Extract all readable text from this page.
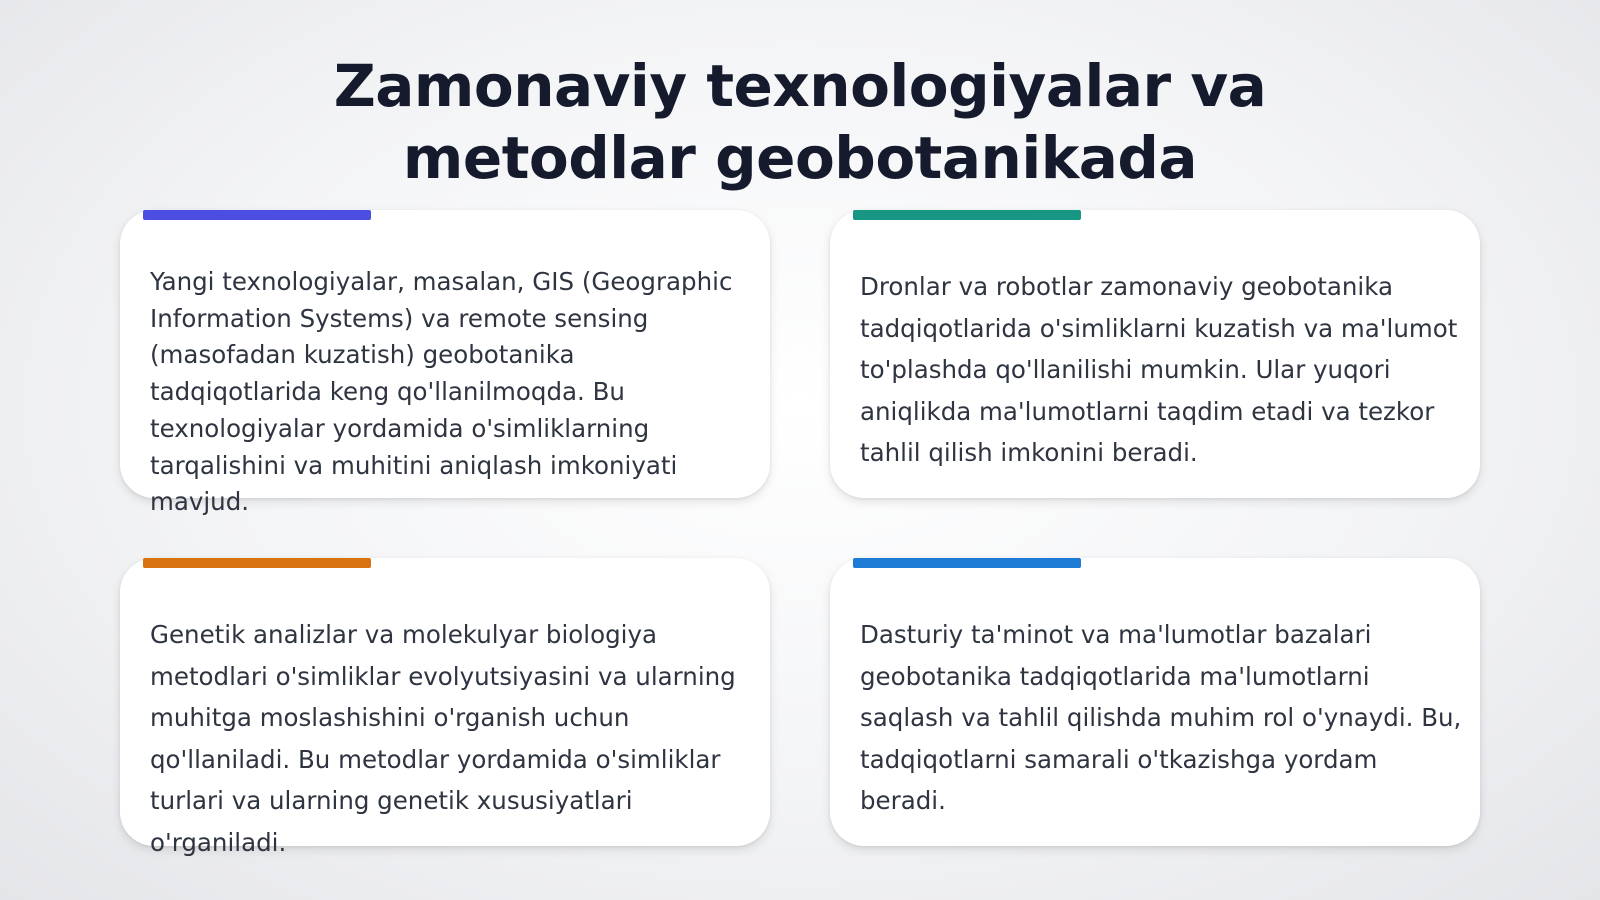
Zamonaviy texnologiyalar va metodlar geobotanikada

Yangi texnologiyalar, masalan, GIS (Geographic Information Systems) va remote sensing (masofadan kuzatish) geobotanika tadqiqotlarida keng qo'llanilmoqda. Bu texnologiyalar yordamida o'simliklarning tarqalishini va muhitini aniqlash imkoniyati mavjud.

Dronlar va robotlar zamonaviy geobotanika tadqiqotlarida o'simliklarni kuzatish va ma'lumot to'plashda qo'llanilishi mumkin. Ular yuqori aniqlikda ma'lumotlarni taqdim etadi va tezkor tahlil qilish imkonini beradi.

Genetik analizlar va molekulyar biologiya metodlari o'simliklar evolyutsiyasini va ularning muhitga moslashishini o'rganish uchun qo'llaniladi. Bu metodlar yordamida o'simliklar turlari va ularning genetik xususiyatlari o'rganiladi.

Dasturiy ta'minot va ma'lumotlar bazalari geobotanika tadqiqotlarida ma'lumotlarni saqlash va tahlil qilishda muhim rol o'ynaydi. Bu, tadqiqotlarni samarali o'tkazishga yordam beradi.
